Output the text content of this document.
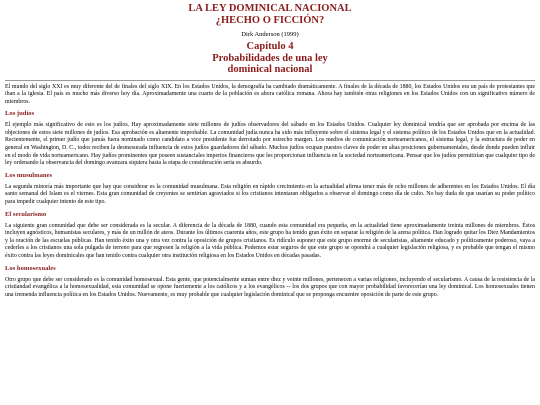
LA LEY DOMINICAL NACIONAL
¿HECHO O FICCIÓN?
Dirk Anderson (1999)
Capítulo 4
Probabilidades de una ley
dominical nacional

El mundo del siglo XXI es muy diferente del de finales del siglo XIX. En los Estados Unidos, la demografía ha cambiado dramáticamente. A finales de la década de 1880, los Estados Unidos era un país de protestantes que iban a la iglesia. El país es mucho más diverso hoy día. Aproximadamente una cuarto de la población es ahora católica romana. Ahora hay también otras religiones en los Estados Unidos con un significativo número de miembros.

Los judíos

El ejemplo más significativo de esto es los judíos. Hay aproximadamente siete millones de judíos observadores del sábado en los Estados Unidos. Cualquier ley dominical tendría que ser aprobada por encima de las objeciones de estos siete millones de judíos. Esa aprobación es altamente improbable. La comunidad judía nunca ha sido más influyente sobre el sistema legal y el sistema político de los Estados Unidos que en la actualidad. Recientemente, el primer judío que jamás fuera nominado como candidato a vice presidente fue derrotado por estrecho margen. Los medios de comunicación norteamericanos, el sistema legal, y la estructura de poder en general en Washington, D. C., todos reciben la desmesurada influencia de estos judíos guardadores del sábado. Muchos judíos ocupan puestos claves de poder en altas posiciones gubernamentales, desde donde pueden influir en el modo de vida norteamericano. Hay judíos prominentes que poseen sustanciales imperios financieros que les proporcionan influencia en la sociedad norteamericana. Pensar que los judíos permitirían que cualquier tipo de ley ordenando la observancia del domingo avanzara siquiera hasta la etapa de consideración seria es absurdo.

Los musulmanes

La segunda minoría más importante que hay que considerar es la comunidad musulmana. Esta religión en rápido crecimiento en la actualidad afirma tener más de ocho millones de adherentes en los Estados Unidos. El día santo semanal del Islam es el viernes. Esta gran comunidad de creyentes se sentirían agraviados si los cristianos intentaran obligarlos a observar el domingo como día de culto. No hay duda de que usarían su poder político para impedir cualquier intento de este tipo.

El secularismo

La siguiente gran comunidad que debe ser considerada es la secular. A diferencia de la década de 1880, cuando esta comunidad era pequeña, en la actualidad tiene aproximadamente treinta millones de miembros. Éstos incluyen agnósticos, humanistas seculares, y más de un millón de ateos. Durante los últimos cuarenta años, este grupo ha tenido gran éxito en separar la religión de la arena política. Han logrado quitar los Diez Mandamientos y la oración de las escuelas públicas. Han tenido éxito una y otra vez contra la oposición de grupos cristianos. Es ridículo suponer que este grupo enorme de secularistas, altamente educado y políticamente poderoso, vaya a cederles a los cristianos una sola pulgada de terreno para que regresen la religión a la vida pública. Podemos estar seguros de que este grupo se opondrá a cualquier legislación religiosa, y es probable que tengan el mismo éxito contra las leyes dominicales que han tenido contra cualquier otra institución religiosa en los Estados Unidos en décadas pasadas.

Los homosexuales

Otro grupo que debe ser considerado es la comunidad homosexual. Esta gente, que potencialmente suman entre diez y veinte millones, pertenecen a varias religiones, incluyendo el secularismo. A causa de la resistencia de la cristiandad evangélica a la homosexualidad, esta comunidad se opone fuertemente a los católicos y a los evangélicos -- los dos grupos que con mayor probabilidad favorecerían una ley dominical. Los homosexuales tienen una tremenda influencia política en los Estados Unidos. Nuevamente, es muy probable que cualquier legislación dominical que se proponga encuentre oposición de parte de este grupo.
